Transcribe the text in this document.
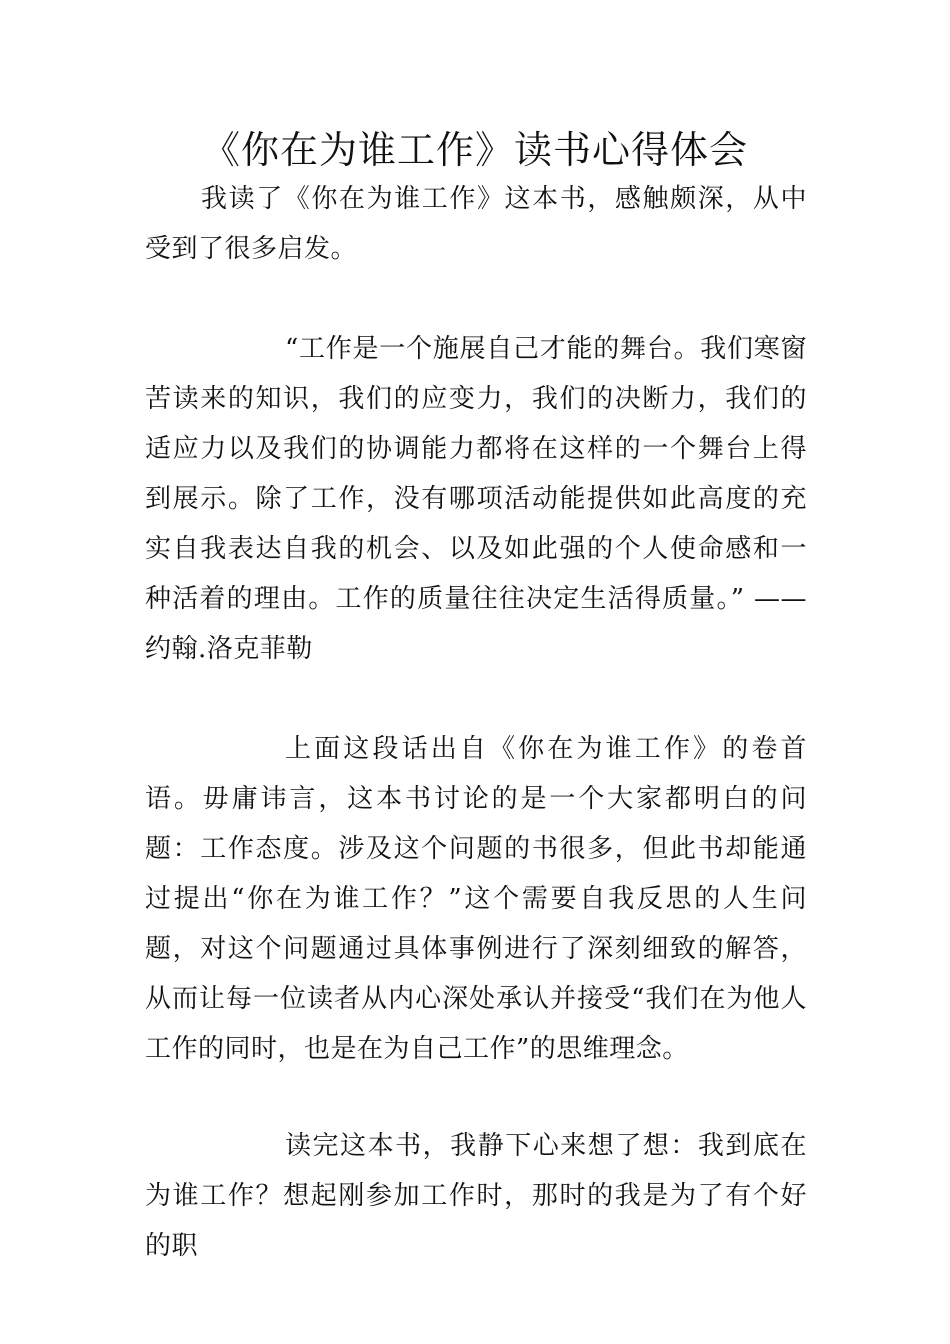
《你在为谁工作》读书心得体会

我读了《你在为谁工作》这本书，感触颇深，从中受到了很多启发。

“工作是一个施展自己才能的舞台。我们寒窗苦读来的知识，我们的应变力，我们的决断力，我们的适应力以及我们的协调能力都将在这样的一个舞台上得到展示。除了工作，没有哪项活动能提供如此高度的充实自我表达自我的机会、以及如此强的个人使命感和一种活着的理由。工作的质量往往决定生活得质量。” ——约翰.洛克菲勒

上面这段话出自《你在为谁工作》的卷首语。毋庸讳言，这本书讨论的是一个大家都明白的问题：工作态度。涉及这个问题的书很多，但此书却能通过提出“你在为谁工作？”这个需要自我反思的人生问题，对这个问题通过具体事例进行了深刻细致的解答，从而让每一位读者从内心深处承认并接受“我们在为他人工作的同时，也是在为自己工作”的思维理念。

读完这本书，我静下心来想了想：我到底在为谁工作？想起刚参加工作时，那时的我是为了有个好的职
